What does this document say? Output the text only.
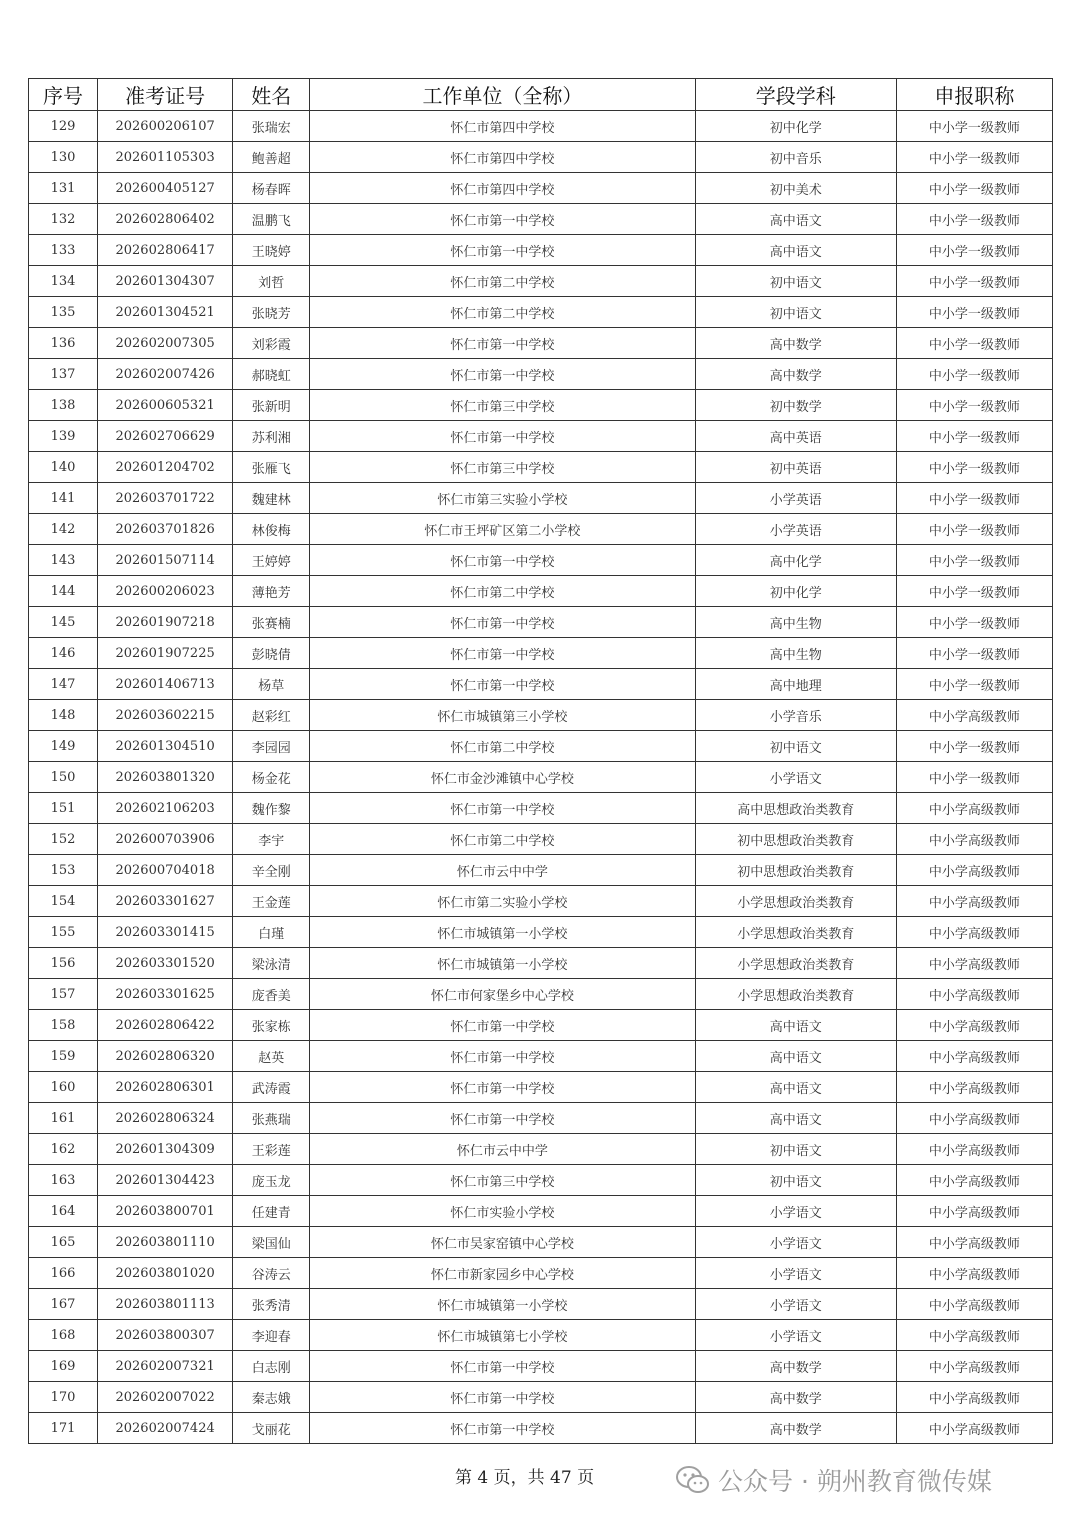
序号	准考证号	姓名	工作单位（全称）	学段学科	申报职称
129	202600206107	张瑞宏	怀仁市第四中学校	初中化学	中小学一级教师
130	202601105303	鲍善超	怀仁市第四中学校	初中音乐	中小学一级教师
131	202600405127	杨春晖	怀仁市第四中学校	初中美术	中小学一级教师
132	202602806402	温鹏飞	怀仁市第一中学校	高中语文	中小学一级教师
133	202602806417	王晓婷	怀仁市第一中学校	高中语文	中小学一级教师
134	202601304307	刘哲	怀仁市第二中学校	初中语文	中小学一级教师
135	202601304521	张晓芳	怀仁市第二中学校	初中语文	中小学一级教师
136	202602007305	刘彩霞	怀仁市第一中学校	高中数学	中小学一级教师
137	202602007426	郝晓虹	怀仁市第一中学校	高中数学	中小学一级教师
138	202600605321	张新明	怀仁市第三中学校	初中数学	中小学一级教师
139	202602706629	苏利湘	怀仁市第一中学校	高中英语	中小学一级教师
140	202601204702	张雁飞	怀仁市第三中学校	初中英语	中小学一级教师
141	202603701722	魏建林	怀仁市第三实验小学校	小学英语	中小学一级教师
142	202603701826	林俊梅	怀仁市王坪矿区第二小学校	小学英语	中小学一级教师
143	202601507114	王婷婷	怀仁市第一中学校	高中化学	中小学一级教师
144	202600206023	薄艳芳	怀仁市第二中学校	初中化学	中小学一级教师
145	202601907218	张赛楠	怀仁市第一中学校	高中生物	中小学一级教师
146	202601907225	彭晓倩	怀仁市第一中学校	高中生物	中小学一级教师
147	202601406713	杨草	怀仁市第一中学校	高中地理	中小学一级教师
148	202603602215	赵彩红	怀仁市城镇第三小学校	小学音乐	中小学高级教师
149	202601304510	李园园	怀仁市第二中学校	初中语文	中小学一级教师
150	202603801320	杨金花	怀仁市金沙滩镇中心学校	小学语文	中小学一级教师
151	202602106203	魏作黎	怀仁市第一中学校	高中思想政治类教育	中小学高级教师
152	202600703906	李宇	怀仁市第二中学校	初中思想政治类教育	中小学高级教师
153	202600704018	辛全刚	怀仁市云中中学	初中思想政治类教育	中小学高级教师
154	202603301627	王金莲	怀仁市第二实验小学校	小学思想政治类教育	中小学高级教师
155	202603301415	白瑾	怀仁市城镇第一小学校	小学思想政治类教育	中小学高级教师
156	202603301520	梁泳清	怀仁市城镇第一小学校	小学思想政治类教育	中小学高级教师
157	202603301625	庞香美	怀仁市何家堡乡中心学校	小学思想政治类教育	中小学高级教师
158	202602806422	张家栋	怀仁市第一中学校	高中语文	中小学高级教师
159	202602806320	赵英	怀仁市第一中学校	高中语文	中小学高级教师
160	202602806301	武涛霞	怀仁市第一中学校	高中语文	中小学高级教师
161	202602806324	张燕瑞	怀仁市第一中学校	高中语文	中小学高级教师
162	202601304309	王彩莲	怀仁市云中中学	初中语文	中小学高级教师
163	202601304423	庞玉龙	怀仁市第三中学校	初中语文	中小学高级教师
164	202603800701	任建青	怀仁市实验小学校	小学语文	中小学高级教师
165	202603801110	梁国仙	怀仁市吴家窑镇中心学校	小学语文	中小学高级教师
166	202603801020	谷涛云	怀仁市新家园乡中心学校	小学语文	中小学高级教师
167	202603801113	张秀清	怀仁市城镇第一小学校	小学语文	中小学高级教师
168	202603800307	李迎春	怀仁市城镇第七小学校	小学语文	中小学高级教师
169	202602007321	白志刚	怀仁市第一中学校	高中数学	中小学高级教师
170	202602007022	秦志娥	怀仁市第一中学校	高中数学	中小学高级教师
171	202602007424	戈丽花	怀仁市第一中学校	高中数学	中小学高级教师
第 4 页，共 47 页	公众号 · 朔州教育微传媒
